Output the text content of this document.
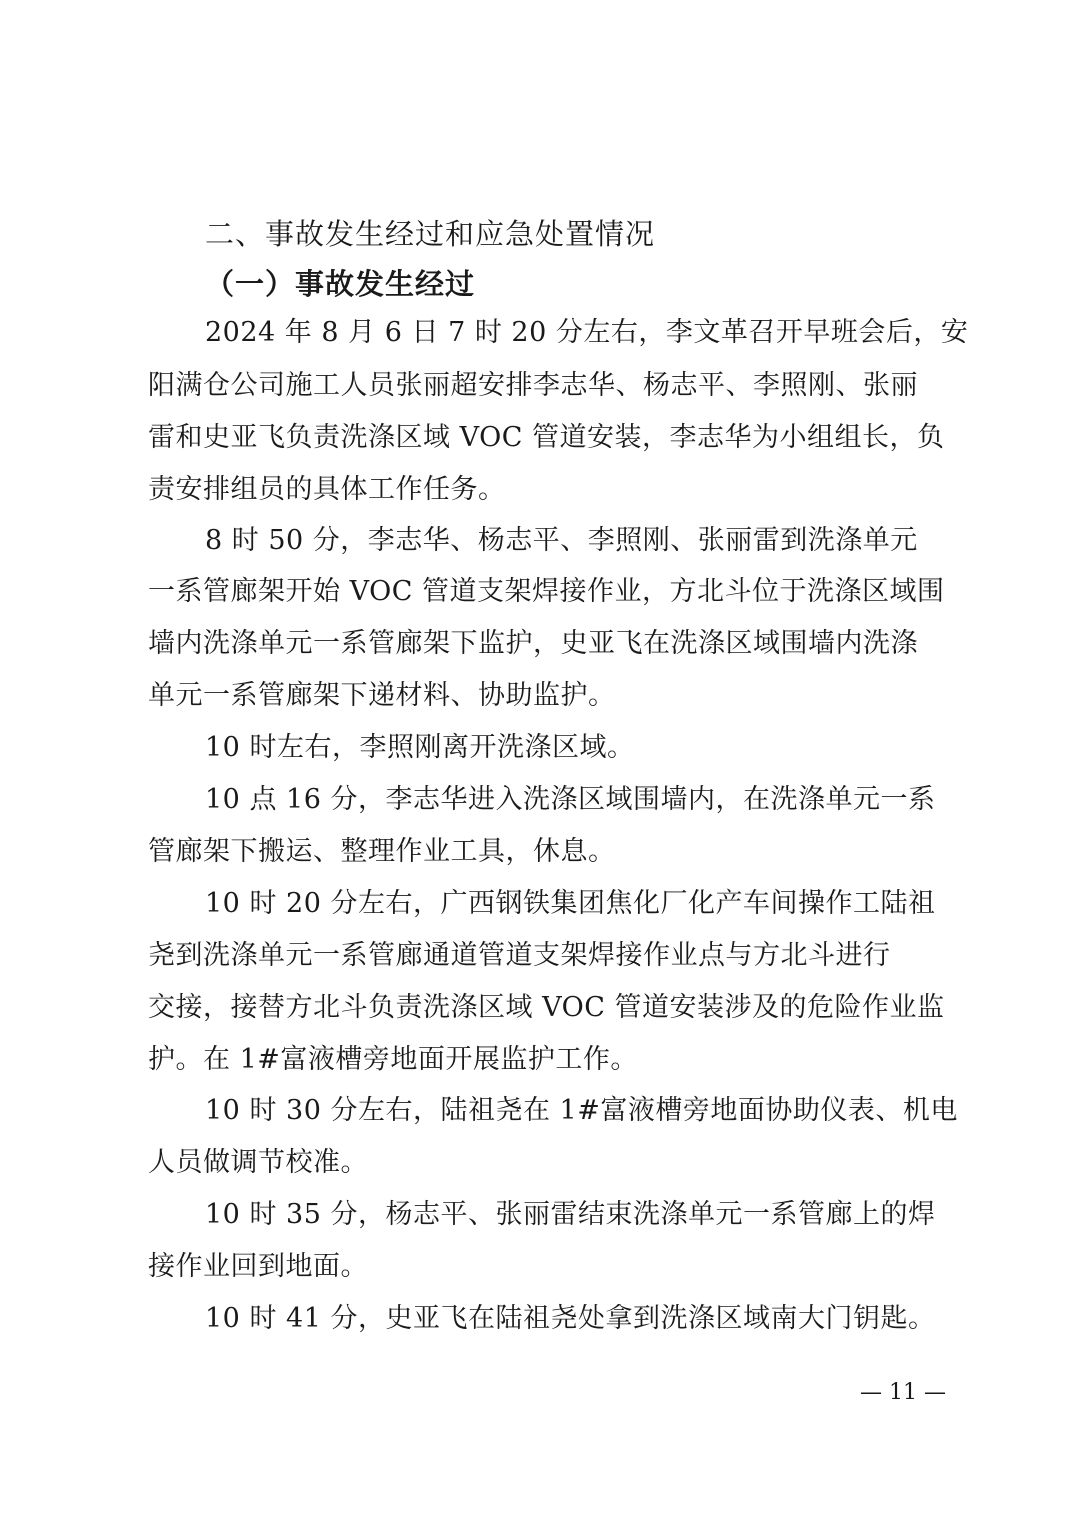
二、事故发生经过和应急处置情况
（一）事故发生经过
2024 年 8 月 6 日 7 时 20 分左右，李文革召开早班会后，安
阳满仓公司施工人员张丽超安排李志华、杨志平、李照刚、张丽
雷和史亚飞负责洗涤区域 VOC 管道安装，李志华为小组组长，负
责安排组员的具体工作任务。
8 时 50 分，李志华、杨志平、李照刚、张丽雷到洗涤单元
一系管廊架开始 VOC 管道支架焊接作业，方北斗位于洗涤区域围
墙内洗涤单元一系管廊架下监护，史亚飞在洗涤区域围墙内洗涤
单元一系管廊架下递材料、协助监护。
10 时左右，李照刚离开洗涤区域。
10 点 16 分，李志华进入洗涤区域围墙内，在洗涤单元一系
管廊架下搬运、整理作业工具，休息。
10 时 20 分左右，广西钢铁集团焦化厂化产车间操作工陆祖
尧到洗涤单元一系管廊通道管道支架焊接作业点与方北斗进行
交接，接替方北斗负责洗涤区域 VOC 管道安装涉及的危险作业监
护。在 1#富液槽旁地面开展监护工作。
10 时 30 分左右，陆祖尧在 1#富液槽旁地面协助仪表、机电
人员做调节校准。
10 时 35 分，杨志平、张丽雷结束洗涤单元一系管廊上的焊
接作业回到地面。
10 时 41 分，史亚飞在陆祖尧处拿到洗涤区域南大门钥匙。
— 11 —
